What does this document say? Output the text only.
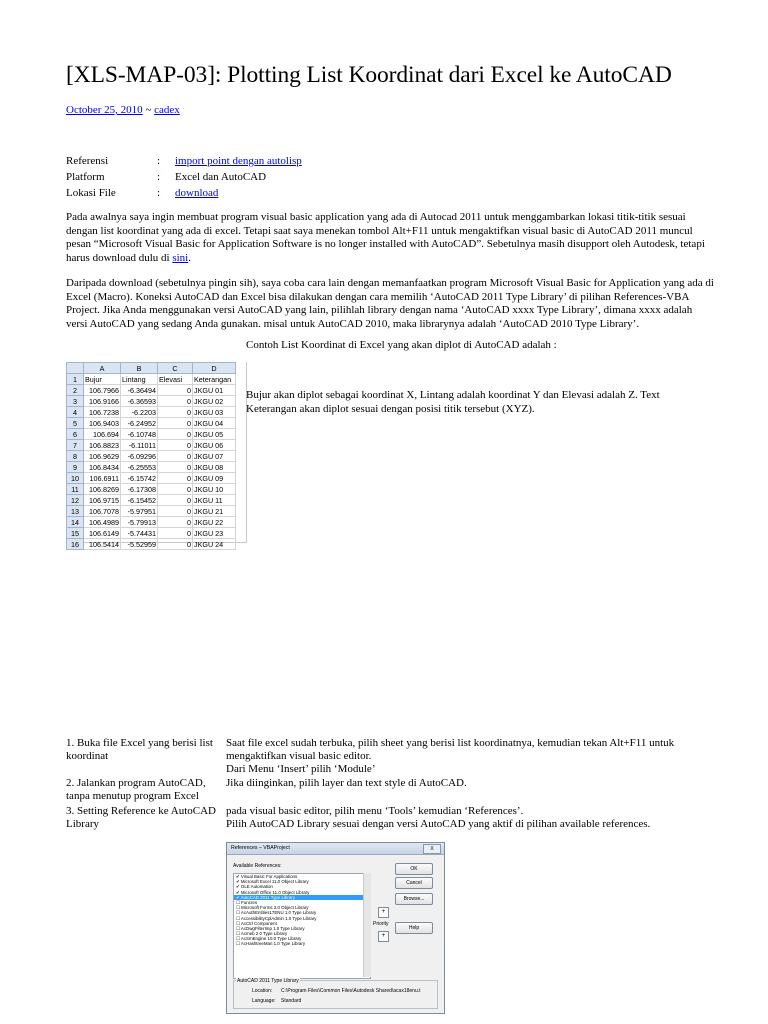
[XLS-MAP-03]: Plotting List Koordinat dari Excel ke AutoCAD
October 25, 2010 ~ cadex
Referensi	: import point dengan autolisp
Platform	: Excel dan AutoCAD
Lokasi File	: download
Pada awalnya saya ingin membuat program visual basic application yang ada di Autocad 2011 untuk menggambarkan lokasi titik-titik sesuai dengan list koordinat yang ada di excel. Tetapi saat saya menekan tombol Alt+F11 untuk mengaktifkan visual basic di AutoCAD 2011 muncul pesan “Microsoft Visual Basic for Application Software is no longer installed with AutoCAD”. Sebetulnya masih disupport oleh Autodesk, tetapi harus download dulu di sini.
Daripada download (sebetulnya pingin sih), saya coba cara lain dengan memanfaatkan program Microsoft Visual Basic for Application yang ada di Excel (Macro). Koneksi AutoCAD dan Excel bisa dilakukan dengan cara memilih ‘AutoCAD 2011 Type Library’ di pilihan References-VBA Project. Jika Anda menggunakan versi AutoCAD yang lain, pilihlah library dengan nama ‘AutoCAD xxxx Type Library’, dimana xxxx adalah versi AutoCAD yang sedang Anda gunakan. misal untuk AutoCAD 2010, maka librarynya adalah ‘AutoCAD 2010 Type Library’.
Contoh List Koordinat di Excel yang akan diplot di AutoCAD adalah :
	A	B	C	D
1	Bujur	Lintang	Elevasi	Keterangan
2	106.7966	-6.36494	0	JKGU 01
3	106.9166	-6.36593	0	JKGU 02
4	106.7238	-6.2203	0	JKGU 03
5	106.9403	-6.24952	0	JKGU 04
6	106.694	-6.10748	0	JKGU 05
7	106.8823	-6.11011	0	JKGU 06
8	106.9629	-6.09296	0	JKGU 07
9	106.8434	-6.25553	0	JKGU 08
10	106.6911	-6.15742	0	JKGU 09
11	106.8269	-6.17308	0	JKGU 10
12	106.9715	-6.15452	0	JKGU 11
13	106.7078	-5.97951	0	JKGU 21
14	106.4989	-5.79913	0	JKGU 22
15	106.6149	-5.74431	0	JKGU 23
16	106.5414	-5.52959	0	JKGU 24
Bujur akan diplot sebagai koordinat X, Lintang adalah koordinat Y dan Elevasi adalah Z. Text Keterangan akan diplot sesuai dengan posisi titik tersebut (XYZ).
1. Buka file Excel yang berisi list koordinat
Saat file excel sudah terbuka, pilih sheet yang berisi list koordinatnya, kemudian tekan Alt+F11 untuk mengaktifkan visual basic editor.
Dari Menu ‘Insert’ pilih ‘Module’
2. Jalankan program AutoCAD, tanpa menutup program Excel
Jika diinginkan, pilih layer dan text style di AutoCAD.
3. Setting Reference ke AutoCAD Library
pada visual basic editor, pilih menu ‘Tools’ kemudian ‘References’.
Pilih AutoCAD Library sesuai dengan versi AutoCAD yang aktif di pilihan available references.
References – VBAProject	X
Available References:
✔ Visual Basic For Applications
✔ Microsoft Excel 11.0 Object Library
✔ OLE Automation
✔ Microsoft Office 11.0 Object Library
✔ AutoCAD 2011 Type Library
☐ Funcres
☐ Microsoft Forms 2.0 Object Library
☐ AcAuthEntities17ENU 1.0 Type Library
☐ AccessibilityCplAdmin 1.0 Type Library
☐ AcCtrl Component
☐ AcDwgFilterImp 1.0 Type Library
☐ Acmeb 2.0 Type Library
☐ AcSmEngine 10.0 Type Library
☐ AcHashtreeMan 1.0 Type Library
OK
Cancel
Browse...
+
Priority
+
Help
AutoCAD 2011 Type Library
Location: C:\Program Files\Common Files\Autodesk Shared\acax18enu.t
Language: Standard
